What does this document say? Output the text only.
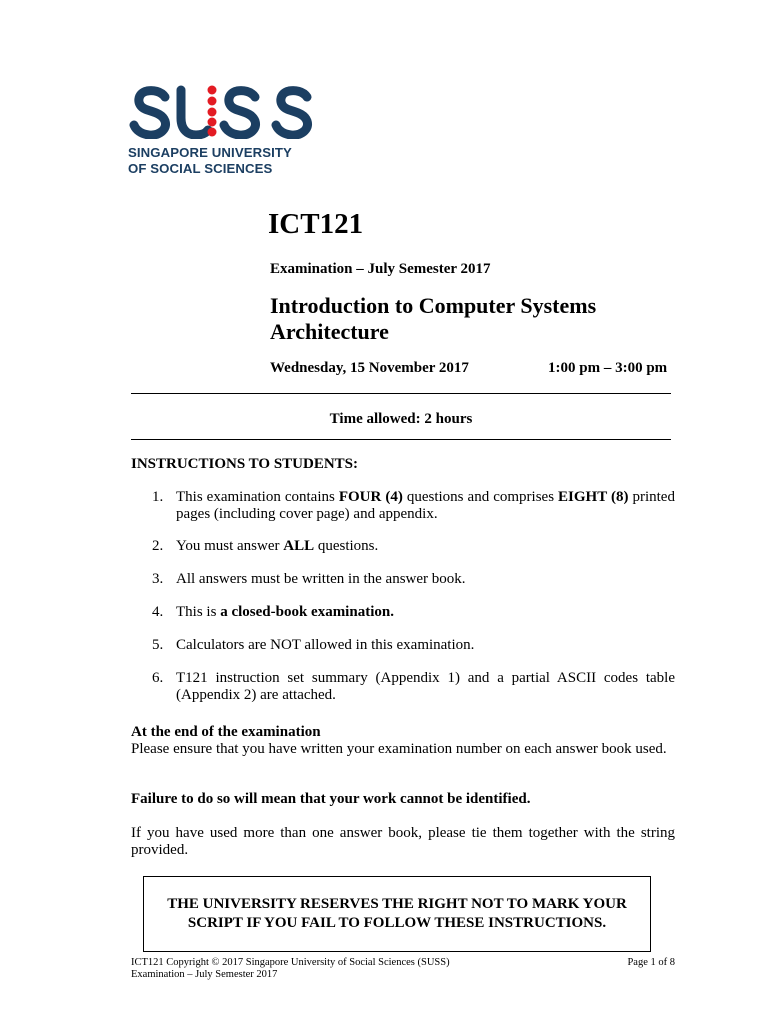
SINGAPORE UNIVERSITY
OF SOCIAL SCIENCES
ICT121
Examination – July Semester 2017
Introduction to Computer Systems
Architecture
Wednesday, 15 November 2017	1:00 pm – 3:00 pm
Time allowed: 2 hours
INSTRUCTIONS TO STUDENTS:
1. This examination contains FOUR (4) questions and comprises EIGHT (8) printed pages (including cover page) and appendix.
2. You must answer ALL questions.
3. All answers must be written in the answer book.
4. This is a closed-book examination.
5. Calculators are NOT allowed in this examination.
6. T121 instruction set summary (Appendix 1) and a partial ASCII codes table (Appendix 2) are attached.
At the end of the examination
Please ensure that you have written your examination number on each answer book used.
Failure to do so will mean that your work cannot be identified.
If you have used more than one answer book, please tie them together with the string provided.
THE UNIVERSITY RESERVES THE RIGHT NOT TO MARK YOUR SCRIPT IF YOU FAIL TO FOLLOW THESE INSTRUCTIONS.
ICT121 Copyright © 2017 Singapore University of Social Sciences (SUSS)
Examination – July Semester 2017
Page 1 of 8
